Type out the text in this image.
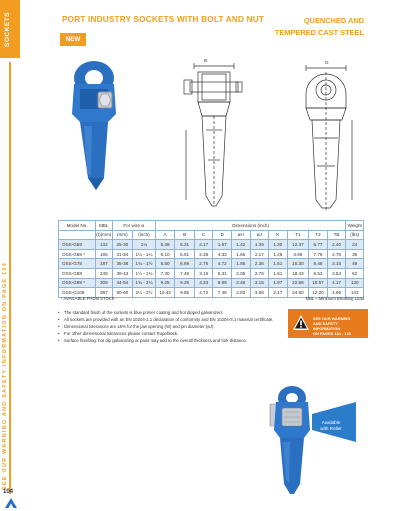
SOCKETS
SEE OUR WARNING AND SAFETY INFORMATION ON PAGE 134
104
PORT INDUSTRY SOCKETS WITH BOLT AND NUT
NEW
QUENCHED AND
TEMPERED CAST STEEL
B	G
Model No.	MBL	For wire ø		Dimensions (inch)										Weight
	(t)(mm)	(mm)	(inch)	A	B	C	D	øH	øJ	K	T1	T2	TB	(lbs)
OSS-G58	132	25-30	1¼	5.39	5.31	2.17	1.57	1.42	1.39	1.30	12.37	6.77	2.40	24
OSS-G68 *	165	31-34	1¼ - 1¼	6.10	5.91	2.36	4.33	1.65	2.17	1.46	3.65	7.76	2.76	35
OSS-G78	187	35-38	1¾ - 1½	6.50	6.69	2.76	4.72	1.85	2.36	1.61	16.30	8.46	3.15	49
OSS-G88	249	39-43	1½ - 1¾	7.30	7.48	3.15	5.31	2.05	2.76	1.81	18.43	9.53	3.54	62
OSS-G98 *	309	44-54	1¾ - 2¼	9.25	9.25	4.33	6.69	2.48	3.15	1.97	22.58	10.57	4.17	130
OSS-G108	397	50-60	2¼ - 2½	10.43	9.85	4.72	7.48	2.83	3.58	2.17	24.80	12.20	4.96	143
* AVAILABLE FROM STOCK	MBL = Minimum Breaking Load
• The standard finish of the sockets is blue primer coating and hot dipped galvanized.
• All sockets are provided with an EN 10204-2.1 declaration of conformity and EN 10204-3.1 material certificate.
• Dimensional tolerances are ±5% for the jaw opening (W) and pin diameter (øJ).
• For other dimensional tolerances please contact Ropeblock.
• Surface finishing: hot dip galvanizing or paint may add to the overall thickness and fork distance.
SEE OUR WARNING
AND SAFETY INFORMATION
ON PAGES 134 - 140
Available
with Roller
